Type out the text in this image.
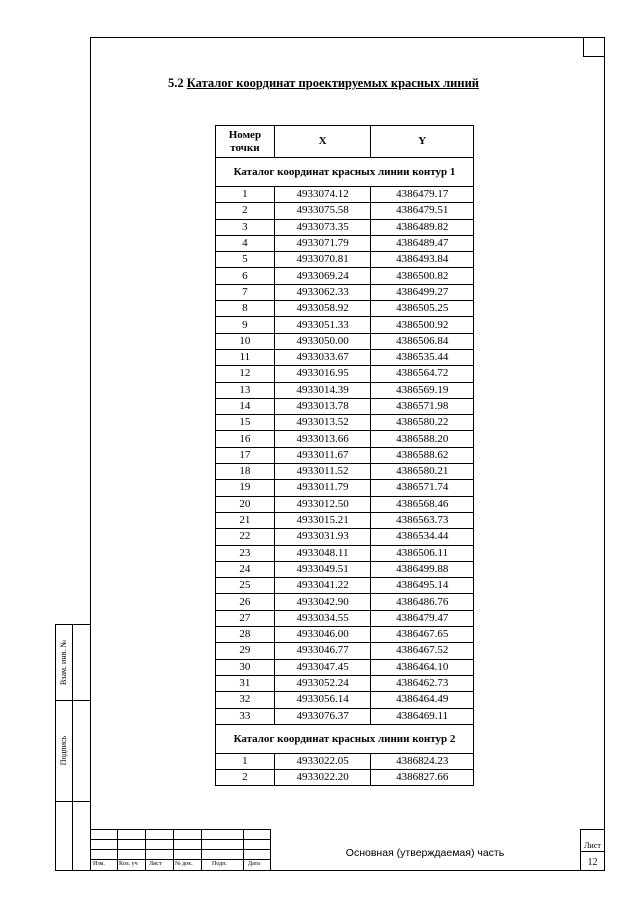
Взам. инв. №
Подпись
5.2 Каталог координат проектируемых красных линий
Номер точки	X	Y
Каталог координат красных линии контур 1		
1	4933074.12	4386479.17
2	4933075.58	4386479.51
3	4933073.35	4386489.82
4	4933071.79	4386489.47
5	4933070.81	4386493.84
6	4933069.24	4386500.82
7	4933062.33	4386499.27
8	4933058.92	4386505.25
9	4933051.33	4386500.92
10	4933050.00	4386506.84
11	4933033.67	4386535.44
12	4933016.95	4386564.72
13	4933014.39	4386569.19
14	4933013.78	4386571.98
15	4933013.52	4386580.22
16	4933013.66	4386588.20
17	4933011.67	4386588.62
18	4933011.52	4386580.21
19	4933011.79	4386571.74
20	4933012.50	4386568.46
21	4933015.21	4386563.73
22	4933031.93	4386534.44
23	4933048.11	4386506.11
24	4933049.51	4386499.88
25	4933041.22	4386495.14
26	4933042.90	4386486.76
27	4933034.55	4386479.47
28	4933046.00	4386467.65
29	4933046.77	4386467.52
30	4933047.45	4386464.10
31	4933052.24	4386462.73
32	4933056.14	4386464.49
33	4933076.37	4386469.11
Каталог координат красных линии контур 2		
1	4933022.05	4386824.23
2	4933022.20	4386827.66
Изм. Кол. уч Лист № док.	Подп.	Дата
Основная (утверждаемая) часть
Лист
12
